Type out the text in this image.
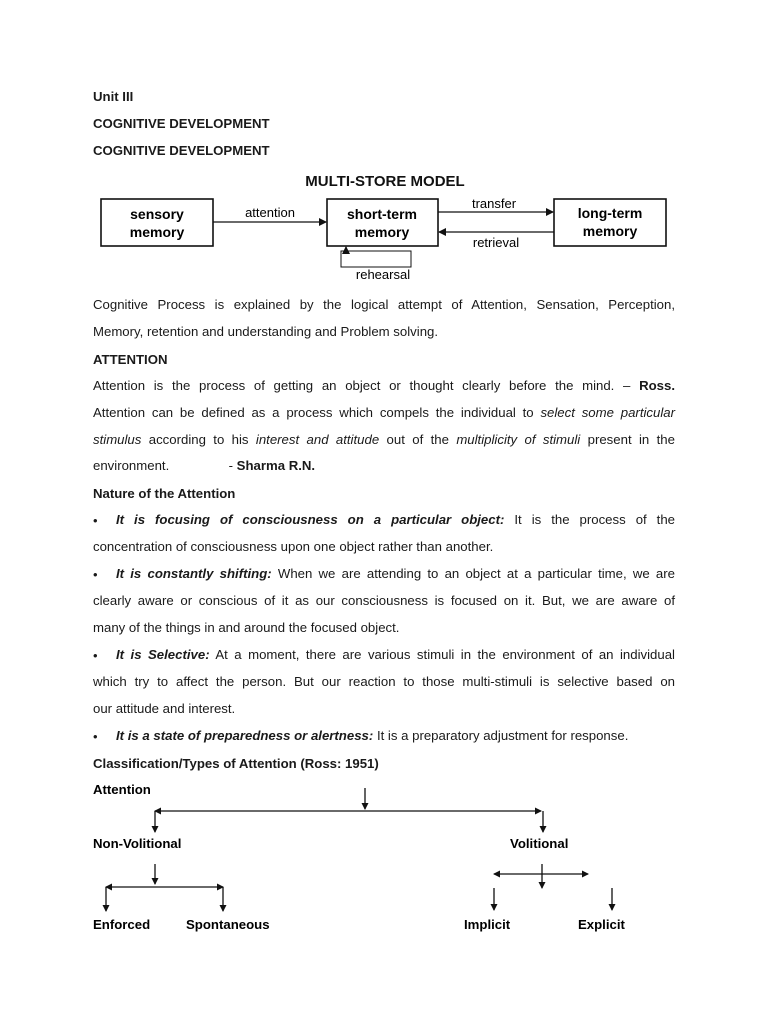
Unit III
COGNITIVE DEVELOPMENT
COGNITIVE DEVELOPMENT
MULTI-STORE MODEL
sensory
memory
short-term
memory
long-term
memory
attention
transfer
retrieval
rehearsal
Cognitive Process is explained by the logical attempt of Attention, Sensation, Perception,
Memory, retention and understanding and Problem solving.
ATTENTION
Attention is the process of getting an object or thought clearly before the mind. – Ross.
Attention can be defined as a process which compels the individual to select some particular
stimulus according to his interest and attitude out of the multiplicity of stimuli present in the
environment.	- Sharma R.N.
Nature of the Attention
• It is focusing of consciousness on a particular object: It is the process of the
concentration of consciousness upon one object rather than another.
• It is constantly shifting: When we are attending to an object at a particular time, we are
clearly aware or conscious of it as our consciousness is focused on it. But, we are aware of
many of the things in and around the focused object.
• It is Selective: At a moment, there are various stimuli in the environment of an individual
which try to affect the person. But our reaction to those multi-stimuli is selective based on
our attitude and interest.
• It is a state of preparedness or alertness: It is a preparatory adjustment for response.
Classification/Types of Attention (Ross: 1951)
Attention
Non-Volitional	Volitional
Enforced	Spontaneous	Implicit	Explicit
